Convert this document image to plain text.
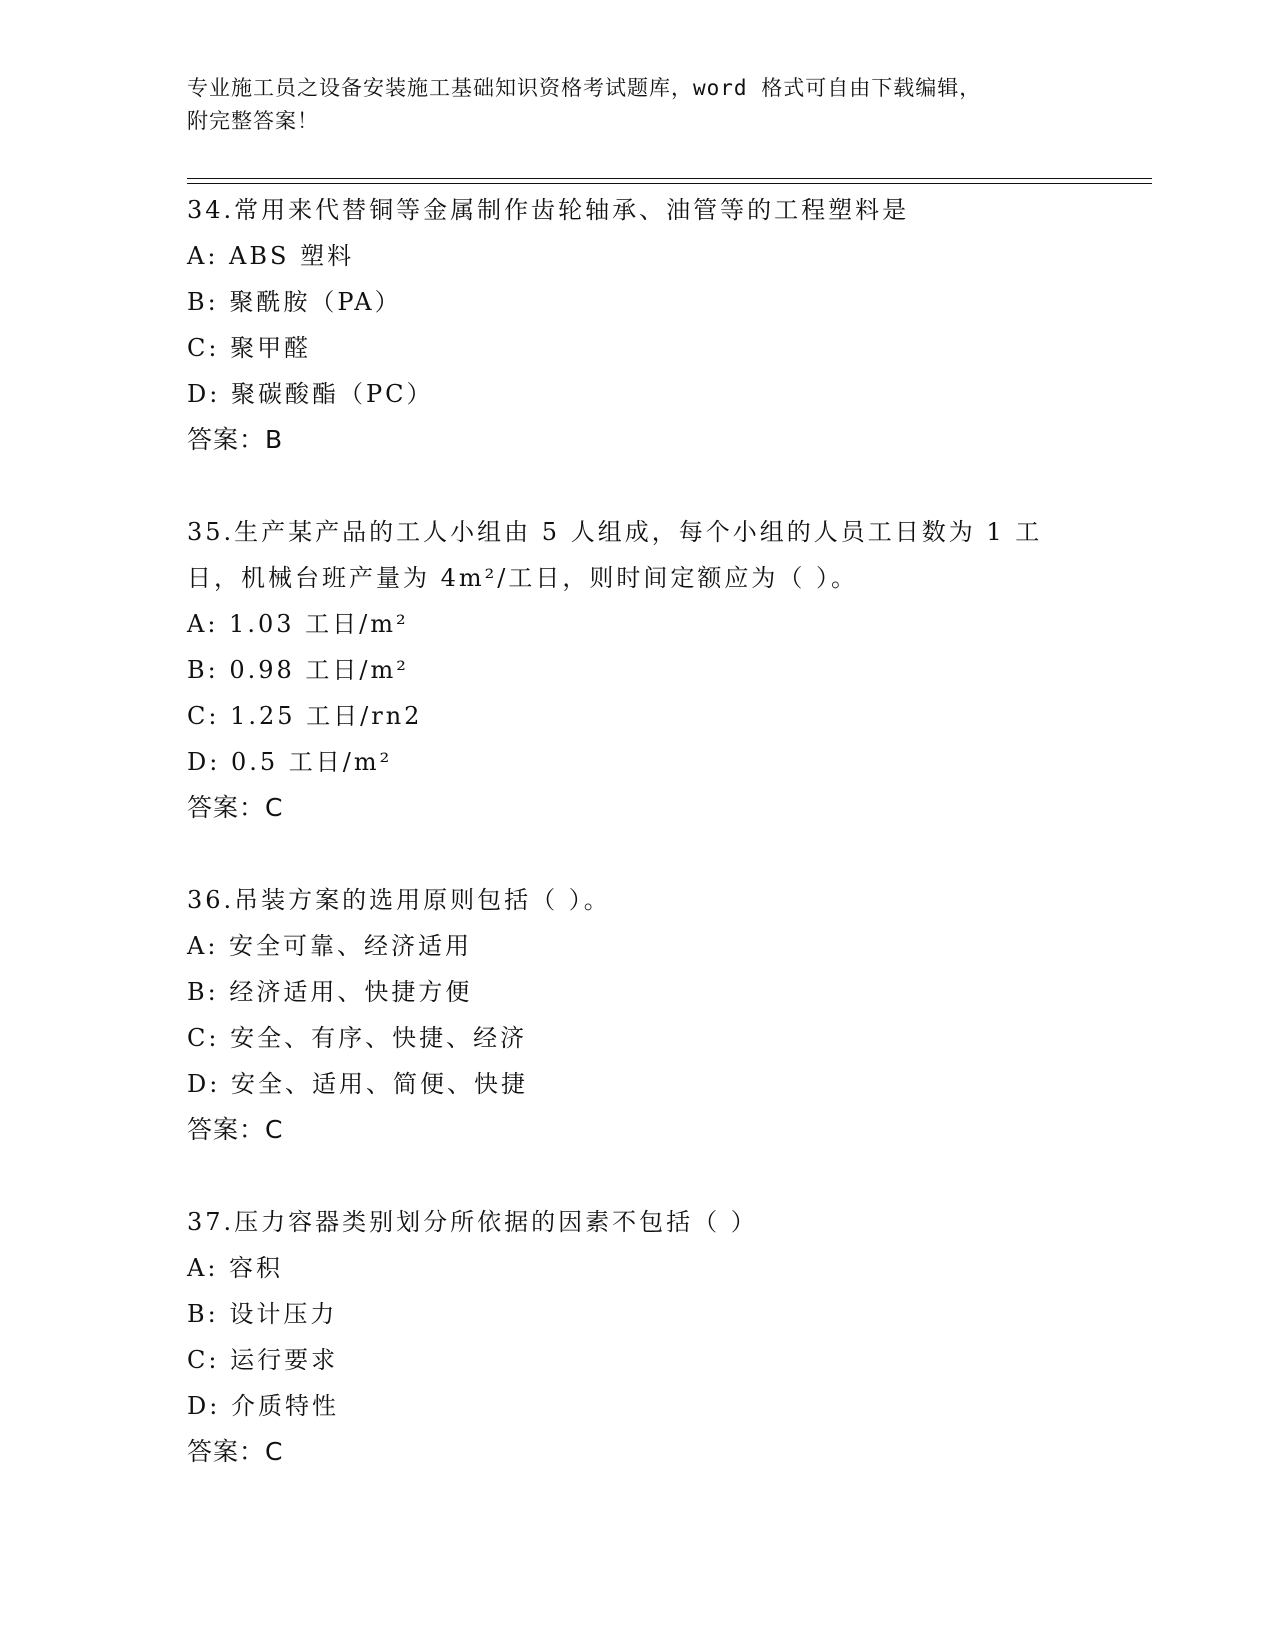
专业施工员之设备安装施工基础知识资格考试题库，word 格式可自由下载编辑，
附完整答案！
34.常用来代替铜等金属制作齿轮轴承、油管等的工程塑料是
A: ABS 塑料
B: 聚酰胺（PA）
C: 聚甲醛
D: 聚碳酸酯（PC）
答案：B
35.生产某产品的工人小组由 5 人组成，每个小组的人员工日数为 1 工日，机械台班产量为 4m²/工日，则时间定额应为（ ）。
A: 1.03 工日/m²
B: 0.98 工日/m²
C: 1.25 工日/rn2
D: 0.5 工日/m²
答案：C
36.吊装方案的选用原则包括（ ）。
A: 安全可靠、经济适用
B: 经济适用、快捷方便
C: 安全、有序、快捷、经济
D: 安全、适用、简便、快捷
答案：C
37.压力容器类别划分所依据的因素不包括（ ）
A: 容积
B: 设计压力
C: 运行要求
D: 介质特性
答案：C
